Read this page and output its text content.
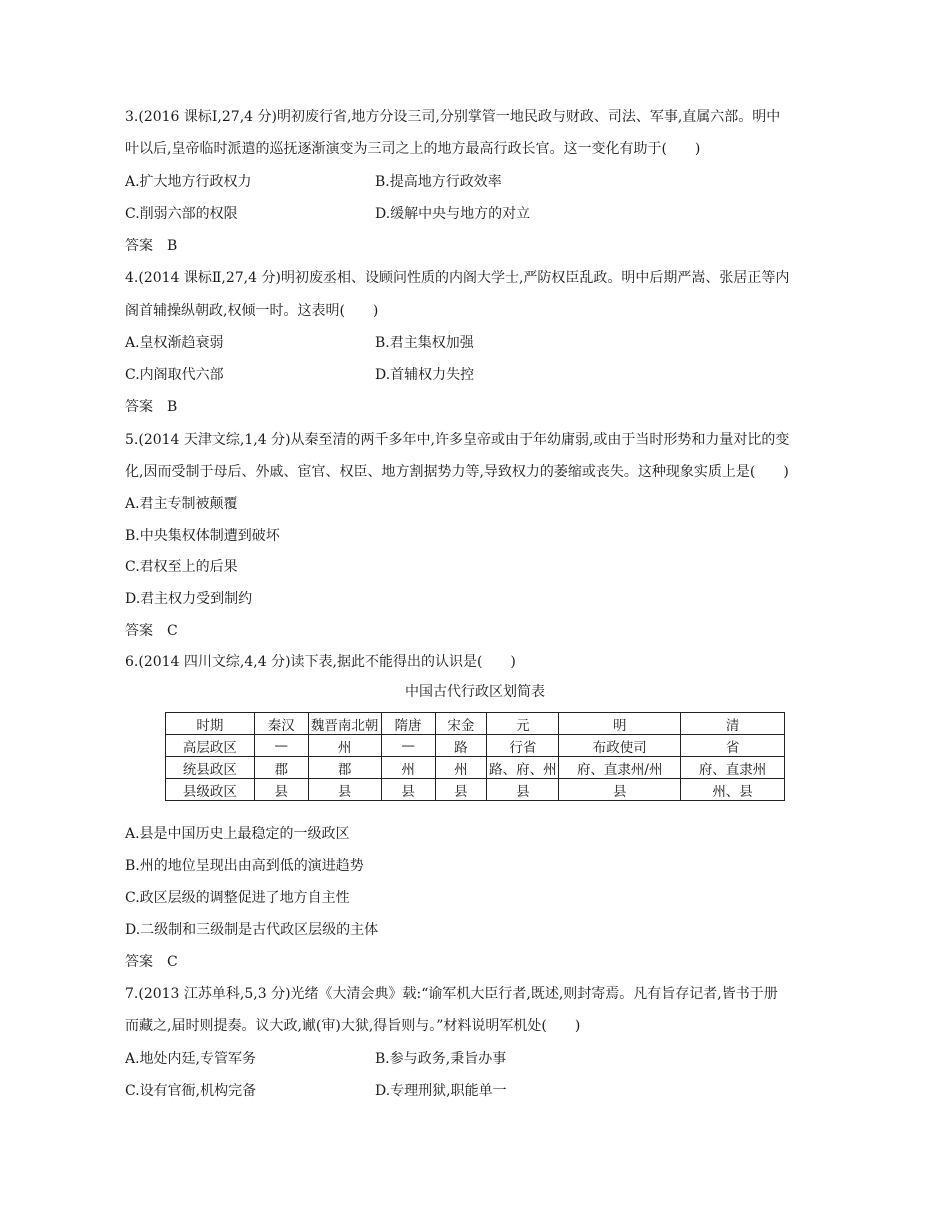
3.(2016 课标Ⅰ,27,4 分)明初废行省,地方分设三司,分别掌管一地民政与财政、司法、军事,直属六部。明中
叶以后,皇帝临时派遣的巡抚逐渐演变为三司之上的地方最高行政长官。这一变化有助于(　　)
A.扩大地方行政权力	B.提高地方行政效率
C.削弱六部的权限	D.缓解中央与地方的对立
答案　B
4.(2014 课标Ⅱ,27,4 分)明初废丞相、设顾问性质的内阁大学士,严防权臣乱政。明中后期严嵩、张居正等内
阁首辅操纵朝政,权倾一时。这表明(　　)
A.皇权渐趋衰弱	B.君主集权加强
C.内阁取代六部	D.首辅权力失控
答案　B
5.(2014 天津文综,1,4 分)从秦至清的两千多年中,许多皇帝或由于年幼庸弱,或由于当时形势和力量对比的变
化,因而受制于母后、外戚、宦官、权臣、地方割据势力等,导致权力的萎缩或丧失。这种现象实质上是(　　)
A.君主专制被颠覆
B.中央集权体制遭到破坏
C.君权至上的后果
D.君主权力受到制约
答案　C
6.(2014 四川文综,4,4 分)读下表,据此不能得出的认识是(　　)
中国古代行政区划简表
时期	秦汉	魏晋南北朝	隋唐	宋金	元	明	清
高层政区	—	州	—	路	行省	布政使司	省
统县政区	郡	郡	州	州	路、府、州	府、直隶州/州	府、直隶州
县级政区	县	县	县	县	县	县	州、县
A.县是中国历史上最稳定的一级政区
B.州的地位呈现出由高到低的演进趋势
C.政区层级的调整促进了地方自主性
D.二级制和三级制是古代政区层级的主体
答案　C
7.(2013 江苏单科,5,3 分)光绪《大清会典》载:“谕军机大臣行者,既述,则封寄焉。凡有旨存记者,皆书于册
而藏之,届时则提奏。议大政,谳(审)大狱,得旨则与。”材料说明军机处(　　)
A.地处内廷,专管军务	B.参与政务,秉旨办事
C.设有官衙,机构完备	D.专理刑狱,职能单一
